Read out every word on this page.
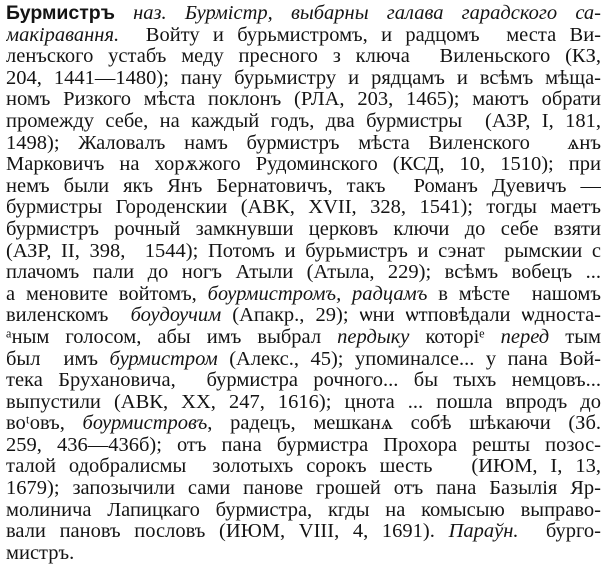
Бурмистръ наз. Бурмістр, выбарны галава гарадского са-
макіравання.  Войту и бурьмистромъ, и радцомъ  места Ви-
ленъского устабъ меду пресного з ключа  Виленьского (КЗ,
204, 1441—1480); пану бурьмистру и рядцамъ и всѣмъ мѣща-
номъ Ризкого мѣста поклонъ (РЛА, 203, 1465); маютъ обрати
промежду себе, на каждый годъ, два бурмистры  (АЗР, I, 181,
1498); Жаловалъ намъ бурмистръ мѣста Виленского  ѧнъ
Марковичъ на хорѫжого Рудоминского (КСД, 10, 1510); при
немъ были якъ Янъ Бернатовичъ, такъ  Романъ Дуевичъ —
бурмистры Городенскии (АВК, XVII, 328, 1541); тогды маетъ
бурмистръ рочный замкнувши церковъ ключи до себе взяти
(АЗР, II, 398,  1544); Потомъ и бурьмистръ и сэнат  рымскии с
плачомъ пали до ногъ Атыли (Атыла, 229); всѣмъ вобецъ ...
а меновите войтомъ, бѹрмистромъ, радцамъ в мѣсте  нашомъ
виленскомъ  боудѹчим (Апакр., 29); ѡни ѡтповѣдали ѡдноста-
ᵃным голосом, абы имъ выбрал пердыку которіᵉ перед тым
был  имъ бурмистром (Алекс., 45); упоминалсе... у пана Вой-
тека Брухановича,  бурмистра рочного... бы тыхъ немцовъ...
выпустили (АВК, XX, 247, 1616); цнота ... пошла впродъ до
воᵗовъ, бѹрмистровъ, радецъ, мешканѧ собѣ шѣкаючи (Зб.
259, 436—436б); отъ пана бурмистра Прохора решты позос-
талой одобралисмы  золотыхъ сорокъ шесть   (ИЮМ, I, 13,
1679); запозычили сами панове грошей отъ пана Базылія Яр-
молинича Лапицкаго бурмистра, кгды на комысыю выправо-
вали пановъ пословъ (ИЮМ, VIII, 4, 1691). Параўн.  бурго-
мистръ.
